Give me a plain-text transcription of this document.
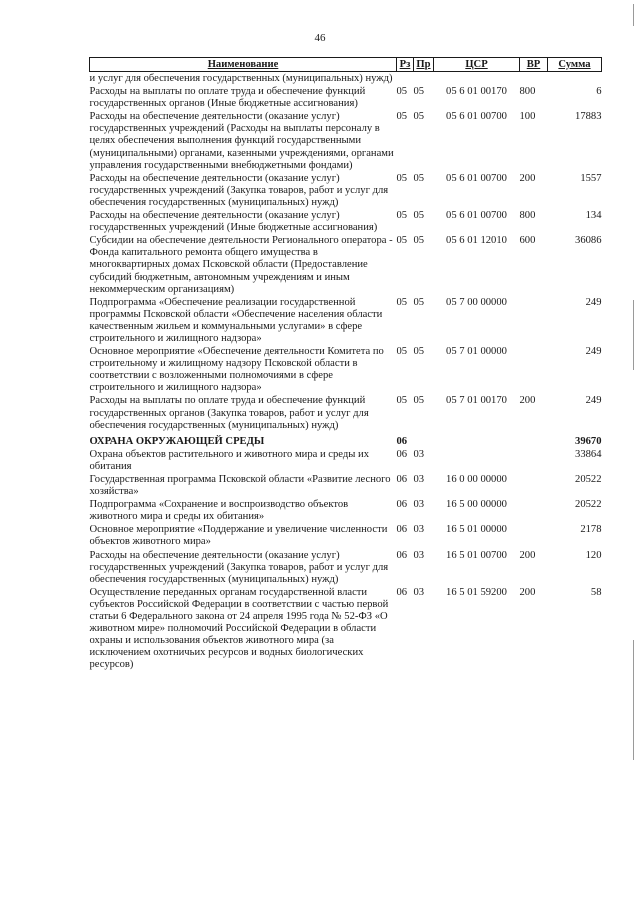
46
Наименование	Рз	Пр	ЦСР	ВР	Сумма
и услуг для обеспечения государственных (муниципальных) нужд)					
Расходы на выплаты по оплате труда и обеспечение функций государственных органов (Иные бюджетные ассигнования)	05	05	05 6 01 00170	800	6
Расходы на обеспечение деятельности (оказание услуг) государственных учреждений (Расходы на выплаты персоналу в целях обеспечения выполнения функций государственными (муниципальными) органами, казенными учреждениями, органами управления государственными внебюджетными фондами)	05	05	05 6 01 00700	100	17883
Расходы на обеспечение деятельности (оказание услуг) государственных учреждений (Закупка товаров, работ и услуг для обеспечения государственных (муниципальных) нужд)	05	05	05 6 01 00700	200	1557
Расходы на обеспечение деятельности (оказание услуг) государственных учреждений (Иные бюджетные ассигнования)	05	05	05 6 01 00700	800	134
Субсидии на обеспечение деятельности Регионального оператора - Фонда капитального ремонта общего имущества в многоквартирных домах Псковской области (Предоставление субсидий бюджетным, автономным учреждениям и иным некоммерческим организациям)	05	05	05 6 01 12010	600	36086
Подпрограмма «Обеспечение реализации государственной программы Псковской области «Обеспечение населения области качественным жильем и коммунальными услугами» в сфере строительного и жилищного надзора»	05	05	05 7 00 00000		249
Основное мероприятие «Обеспечение деятельности Комитета по строительному и жилищному надзору Псковской области в соответствии с возложенными полномочиями в сфере строительного и жилищного надзора»	05	05	05 7 01 00000		249
Расходы на выплаты по оплате труда и обеспечение функций государственных органов (Закупка товаров, работ и услуг для обеспечения государственных (муниципальных) нужд)	05	05	05 7 01 00170	200	249
ОХРАНА ОКРУЖАЮЩЕЙ СРЕДЫ	06				39670
Охрана объектов растительного и животного мира и среды их обитания	06	03			33864
Государственная программа Псковской области «Развитие лесного хозяйства»	06	03	16 0 00 00000		20522
Подпрограмма «Сохранение и воспроизводство объектов животного мира и среды их обитания»	06	03	16 5 00 00000		20522
Основное мероприятие «Поддержание и увеличение численности объектов животного мира»	06	03	16 5 01 00000		2178
Расходы на обеспечение деятельности (оказание услуг) государственных учреждений (Закупка товаров, работ и услуг для обеспечения государственных (муниципальных) нужд)	06	03	16 5 01 00700	200	120
Осуществление переданных органам государственной власти субъектов Российской Федерации в соответствии с частью первой статьи 6 Федерального закона от 24 апреля 1995 года № 52-ФЗ «О животном мире» полномочий Российской Федерации в области охраны и использования объектов животного мира (за исключением охотничьих ресурсов и водных биологических ресурсов)	06	03	16 5 01 59200	200	58
